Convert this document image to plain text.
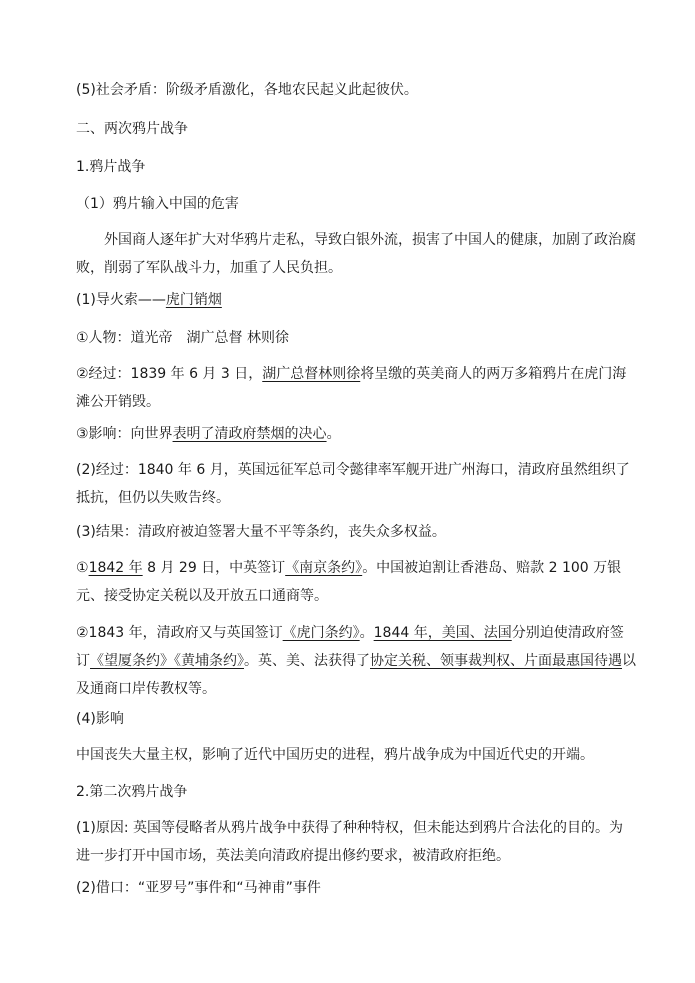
(5)社会矛盾：阶级矛盾激化，各地农民起义此起彼伏。
二、两次鸦片战争
1.鸦片战争
（1）鸦片输入中国的危害
外国商人逐年扩大对华鸦片走私，导致白银外流，损害了中国人的健康，加剧了政治腐败，削弱了军队战斗力，加重了人民负担。
(1)导火索——虎门销烟
①人物：道光帝　湖广总督 林则徐
②经过：1839 年 6 月 3 日，湖广总督林则徐将呈缴的英美商人的两万多箱鸦片在虎门海滩公开销毁。
③影响：向世界表明了清政府禁烟的决心。
(2)经过：1840 年 6 月，英国远征军总司令懿律率军舰开进广州海口，清政府虽然组织了抵抗，但仍以失败告终。
(3)结果：清政府被迫签署大量不平等条约，丧失众多权益。
①1842 年 8 月 29 日，中英签订《南京条约》。中国被迫割让香港岛、赔款 2 100 万银元、接受协定关税以及开放五口通商等。
②1843 年，清政府又与英国签订《虎门条约》。1844 年，美国、法国分别迫使清政府签订《望厦条约》《黄埔条约》。英、美、法获得了协定关税、领事裁判权、片面最惠国待遇以及通商口岸传教权等。
(4)影响
中国丧失大量主权，影响了近代中国历史的进程，鸦片战争成为中国近代史的开端。
2.第二次鸦片战争
(1)原因: 英国等侵略者从鸦片战争中获得了种种特权，但未能达到鸦片合法化的目的。为进一步打开中国市场，英法美向清政府提出修约要求，被清政府拒绝。
(2)借口：“亚罗号”事件和“马神甫”事件
